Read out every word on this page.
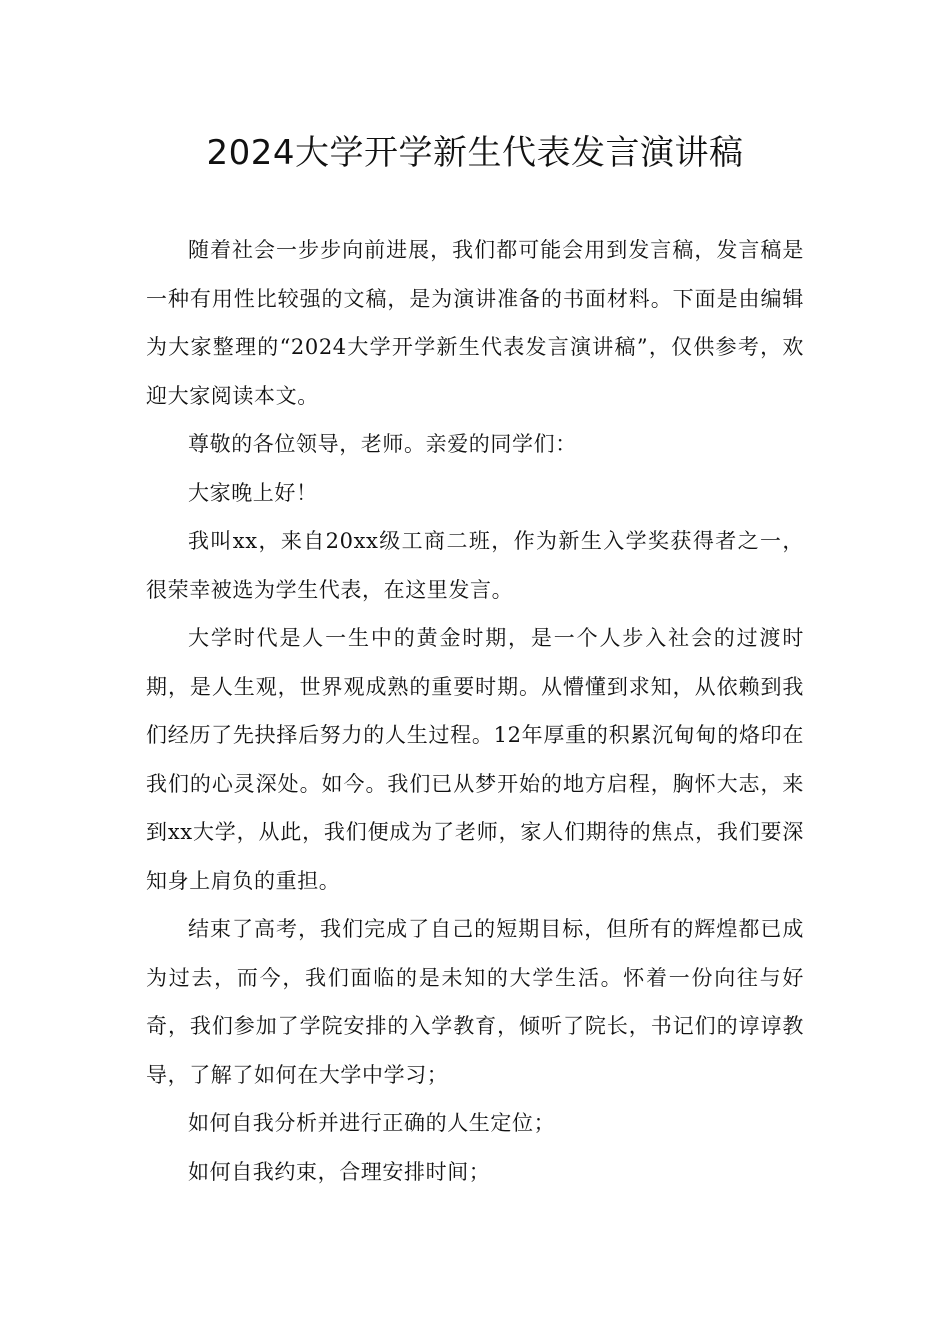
2024大学开学新生代表发言演讲稿

随着社会一步步向前进展，我们都可能会用到发言稿，发言稿是一种有用性比较强的文稿，是为演讲准备的书面材料。下面是由编辑为大家整理的“2024大学开学新生代表发言演讲稿”，仅供参考，欢迎大家阅读本文。

尊敬的各位领导，老师。亲爱的同学们：

大家晚上好！

我叫xx，来自20xx级工商二班，作为新生入学奖获得者之一，很荣幸被选为学生代表，在这里发言。

大学时代是人一生中的黄金时期，是一个人步入社会的过渡时期，是人生观，世界观成熟的重要时期。从懵懂到求知，从依赖到我们经历了先抉择后努力的人生过程。12年厚重的积累沉甸甸的烙印在我们的心灵深处。如今。我们已从梦开始的地方启程，胸怀大志，来到xx大学，从此，我们便成为了老师，家人们期待的焦点，我们要深知身上肩负的重担。

结束了高考，我们完成了自己的短期目标，但所有的辉煌都已成为过去，而今，我们面临的是未知的大学生活。怀着一份向往与好奇，我们参加了学院安排的入学教育，倾听了院长，书记们的谆谆教导，了解了如何在大学中学习；

如何自我分析并进行正确的人生定位；

如何自我约束，合理安排时间；
